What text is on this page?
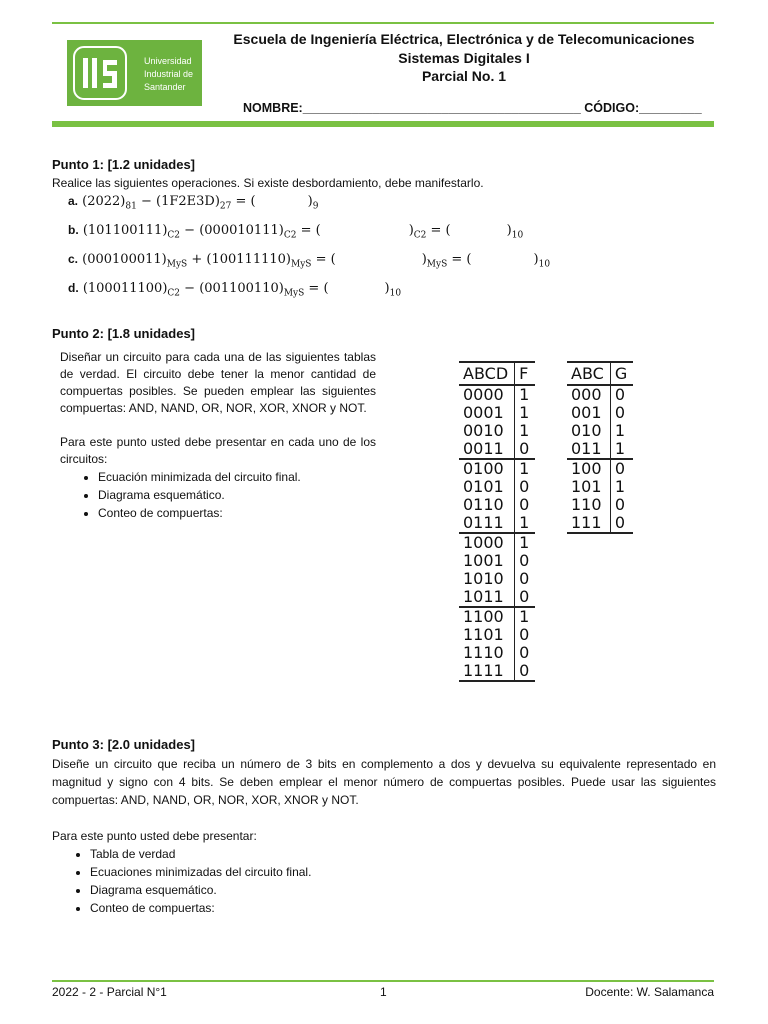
Universidad
Industrial de
Santander
Escuela de Ingeniería Eléctrica, Electrónica y de Telecomunicaciones
Sistemas Digitales I
Parcial No. 1
NOMBRE:________________________________________ CÓDIGO:_________
Punto 1: [1.2 unidades]
Realice las siguientes operaciones. Si existe desbordamiento, debe manifestarlo.
a. $(2022)_{81} - (1F2E3D)_{27}$ = (	)$_9$
b. $(101100111)_{C2} - (000010111)_{C2}$ = (	)$_{C2}$ = (	)$_{10}$
c. $(000100011)_{MyS} + (100111110)_{MyS}$ = (	)$_{MyS}$ = (	)$_{10}$
d. $(100011100)_{C2} - (001100110)_{MyS}$ = (	)$_{10}$
Punto 2: [1.8 unidades]
Diseñar un circuito para cada una de las siguientes tablas de verdad. El circuito debe tener la menor cantidad de compuertas posibles. Se pueden emplear las siguientes compuertas: AND, NAND, OR, NOR, XOR, XNOR y NOT.
Para este punto usted debe presentar en cada uno de los circuitos:
• Ecuación minimizada del circuito final.
• Diagrama esquemático.
• Conteo de compuertas:
ABCD	F
0000	1
0001	1
0010	1
0011	0
0100	1
0101	0
0110	0
0111	1
1000	1
1001	0
1010	0
1011	0
1100	1
1101	0
1110	0
1111	0
ABC	G
000	0
001	0
010	1
011	1
100	0
101	1
110	0
111	0
Punto 3: [2.0 unidades]
Diseñe un circuito que reciba un número de 3 bits en complemento a dos y devuelva su equivalente representado en magnitud y signo con 4 bits. Se deben emplear el menor número de compuertas posibles. Puede usar las siguientes compuertas: AND, NAND, OR, NOR, XOR, XNOR y NOT.
Para este punto usted debe presentar:
• Tabla de verdad
• Ecuaciones minimizadas del circuito final.
• Diagrama esquemático.
• Conteo de compuertas:
2022 - 2 - Parcial N°1	1	Docente: W. Salamanca
